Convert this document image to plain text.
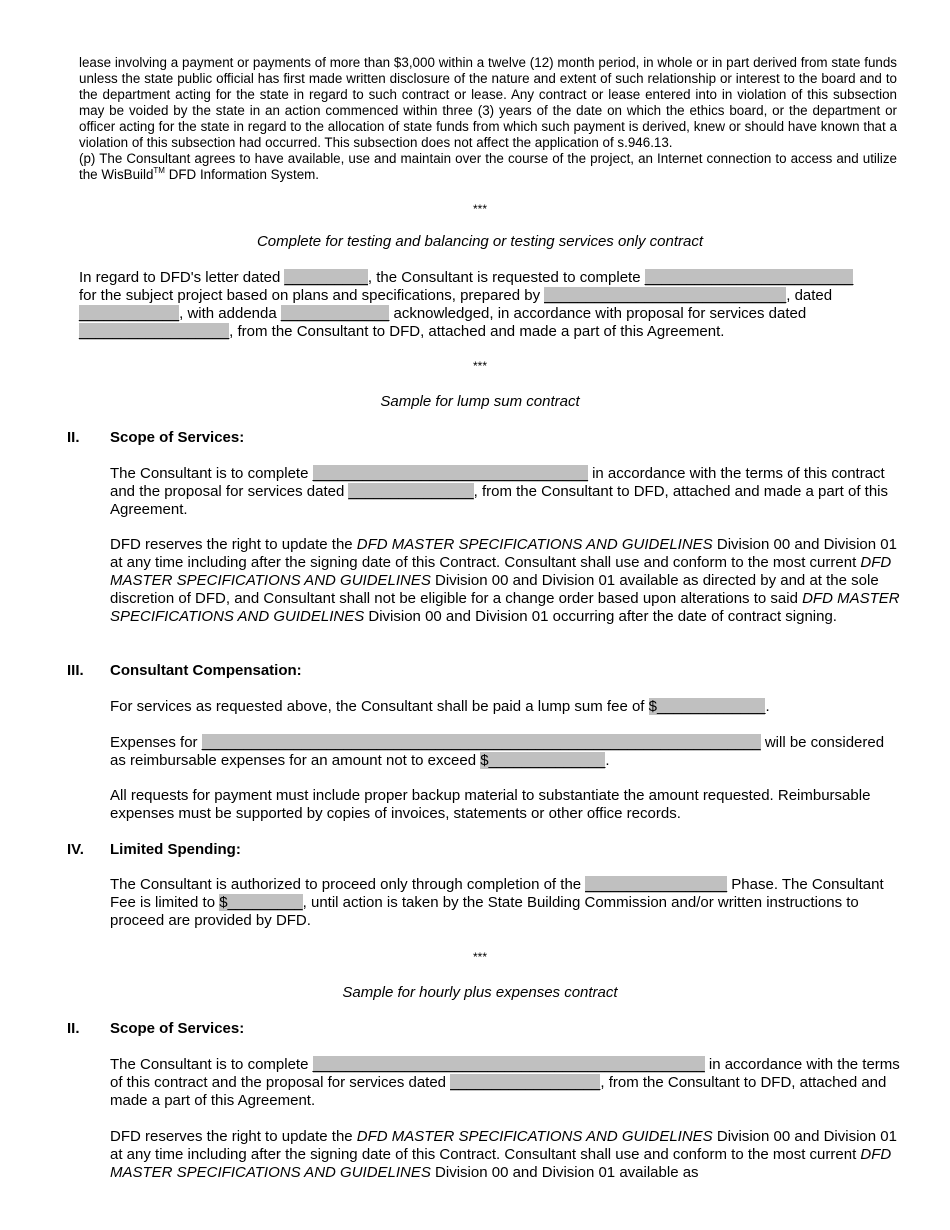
lease involving a payment or payments of more than $3,000 within a twelve (12) month period, in whole or in part derived from state funds unless the state public official has first made written disclosure of the nature and extent of such relationship or interest to the board and to the department acting for the state in regard to such contract or lease. Any contract or lease entered into in violation of this subsection may be voided by the state in an action commenced within three (3) years of the date on which the ethics board, or the department or officer acting for the state in regard to the allocation of state funds from which such payment is derived, knew or should have known that a violation of this subsection had occurred. This subsection does not affect the application of s.946.13.

(p) The Consultant agrees to have available, use and maintain over the course of the project, an Internet connection to access and utilize the WisBuild™ DFD Information System.

***
Complete for testing and balancing or testing services only contract

In regard to DFD's letter dated __________, the Consultant is requested to complete _________________________
for the subject project based on plans and specifications, prepared by _____________________________, dated
____________, with addenda _____________ acknowledged, in accordance with proposal for services dated
__________________, from the Consultant to DFD, attached and made a part of this Agreement.

***
Sample for lump sum contract
II. Scope of Services:

The Consultant is to complete _________________________________ in accordance with the terms of this contract and the proposal for services dated _______________, from the Consultant to DFD, attached and made a part of this Agreement.

DFD reserves the right to update the DFD MASTER SPECIFICATIONS AND GUIDELINES Division 00 and Division 01 at any time including after the signing date of this Contract. Consultant shall use and conform to the most current DFD MASTER SPECIFICATIONS AND GUIDELINES Division 00 and Division 01 available as directed by and at the sole discretion of DFD, and Consultant shall not be eligible for a change order based upon alterations to said DFD MASTER SPECIFICATIONS AND GUIDELINES Division 00 and Division 01 occurring after the date of contract signing.

III. Consultant Compensation:

For services as requested above, the Consultant shall be paid a lump sum fee of $_____________.

Expenses for ___________________________________________________________________ will be considered as reimbursable expenses for an amount not to exceed $______________.

All requests for payment must include proper backup material to substantiate the amount requested. Reimbursable expenses must be supported by copies of invoices, statements or other office records.

IV. Limited Spending:

The Consultant is authorized to proceed only through completion of the _________________ Phase. The Consultant Fee is limited to $_________, until action is taken by the State Building Commission and/or written instructions to proceed are provided by DFD.

***
Sample for hourly plus expenses contract
II. Scope of Services:

The Consultant is to complete _______________________________________________ in accordance with the terms of this contract and the proposal for services dated __________________, from the Consultant to DFD, attached and made a part of this Agreement.

DFD reserves the right to update the DFD MASTER SPECIFICATIONS AND GUIDELINES Division 00 and Division 01 at any time including after the signing date of this Contract. Consultant shall use and conform to the most current DFD MASTER SPECIFICATIONS AND GUIDELINES Division 00 and Division 01 available as
